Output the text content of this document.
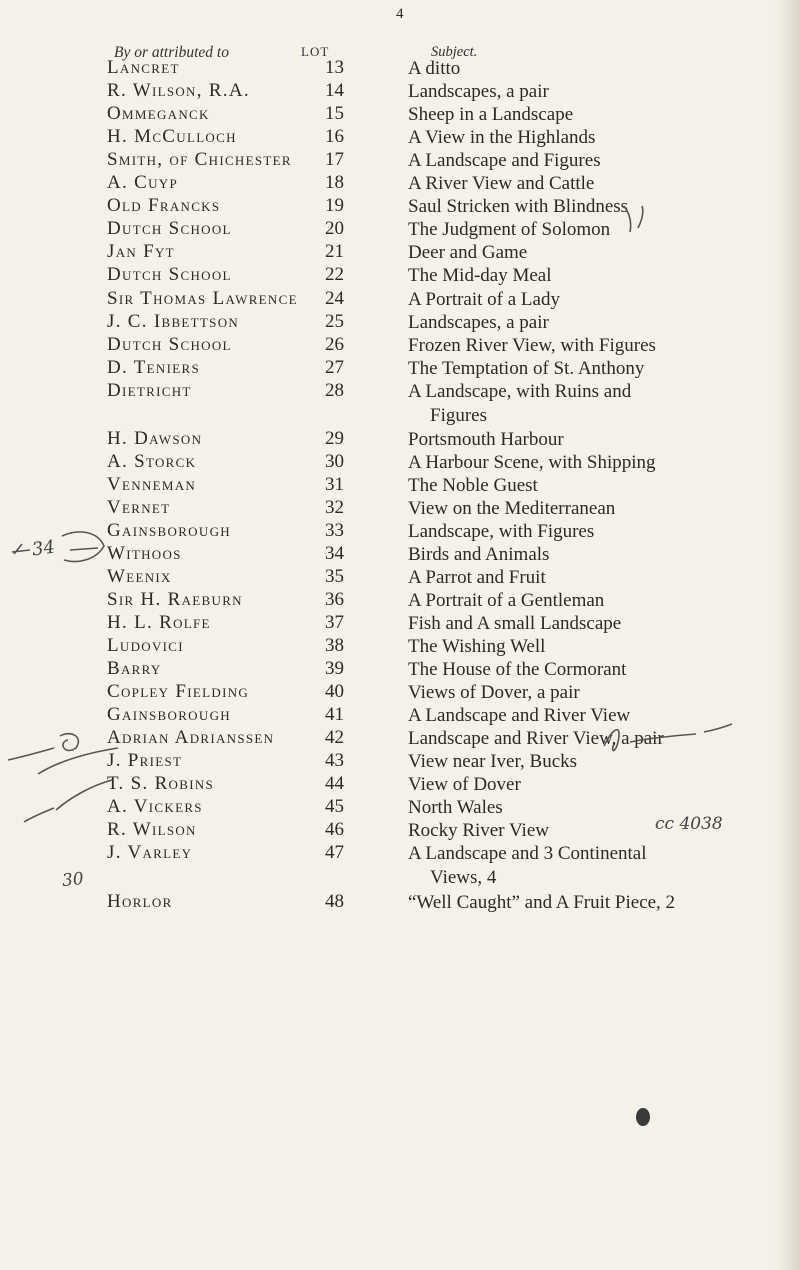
4
By or attributed to	LOT	Subject.
Lancret	13	A ditto
R. Wilson, R.A.	14	Landscapes, a pair
Ommeganck	15	Sheep in a Landscape
H. McCulloch	16	A View in the Highlands
Smith, of Chichester	17	A Landscape and Figures
A. Cuyp	18	A River View and Cattle
Old Francks	19	Saul Stricken with Blindness
Dutch School	20	The Judgment of Solomon
Jan Fyt	21	Deer and Game
Dutch School	22	The Mid-day Meal
Sir Thomas Lawrence	24	A Portrait of a Lady
J. C. Ibbettson	25	Landscapes, a pair
Dutch School	26	Frozen River View, with Figures
D. Teniers	27	The Temptation of St. Anthony
Dietricht	28	A Landscape, with Ruins and
Figures
H. Dawson	29	Portsmouth Harbour
A. Storck	30	A Harbour Scene, with Shipping
Venneman	31	The Noble Guest
Vernet	32	View on the Mediterranean
Gainsborough	33	Landscape, with Figures
Withoos	34	Birds and Animals
Weenix	35	A Parrot and Fruit
Sir H. Raeburn	36	A Portrait of a Gentleman
H. L. Rolfe	37	Fish and A small Landscape
Ludovici	38	The Wishing Well
Barry	39	The House of the Cormorant
Copley Fielding	40	Views of Dover, a pair
Gainsborough	41	A Landscape and River View
Adrian Adrianssen	42	Landscape and River View, a pair
J. Priest	43	View near Iver, Bucks
T. S. Robins	44	View of Dover
A. Vickers	45	North Wales
R. Wilson	46	Rocky River View
J. Varley	47	A Landscape and 3 Continental
Views, 4
Horlor	48	“Well Caught” and A Fruit Piece, 2
34
30
cc 4038
